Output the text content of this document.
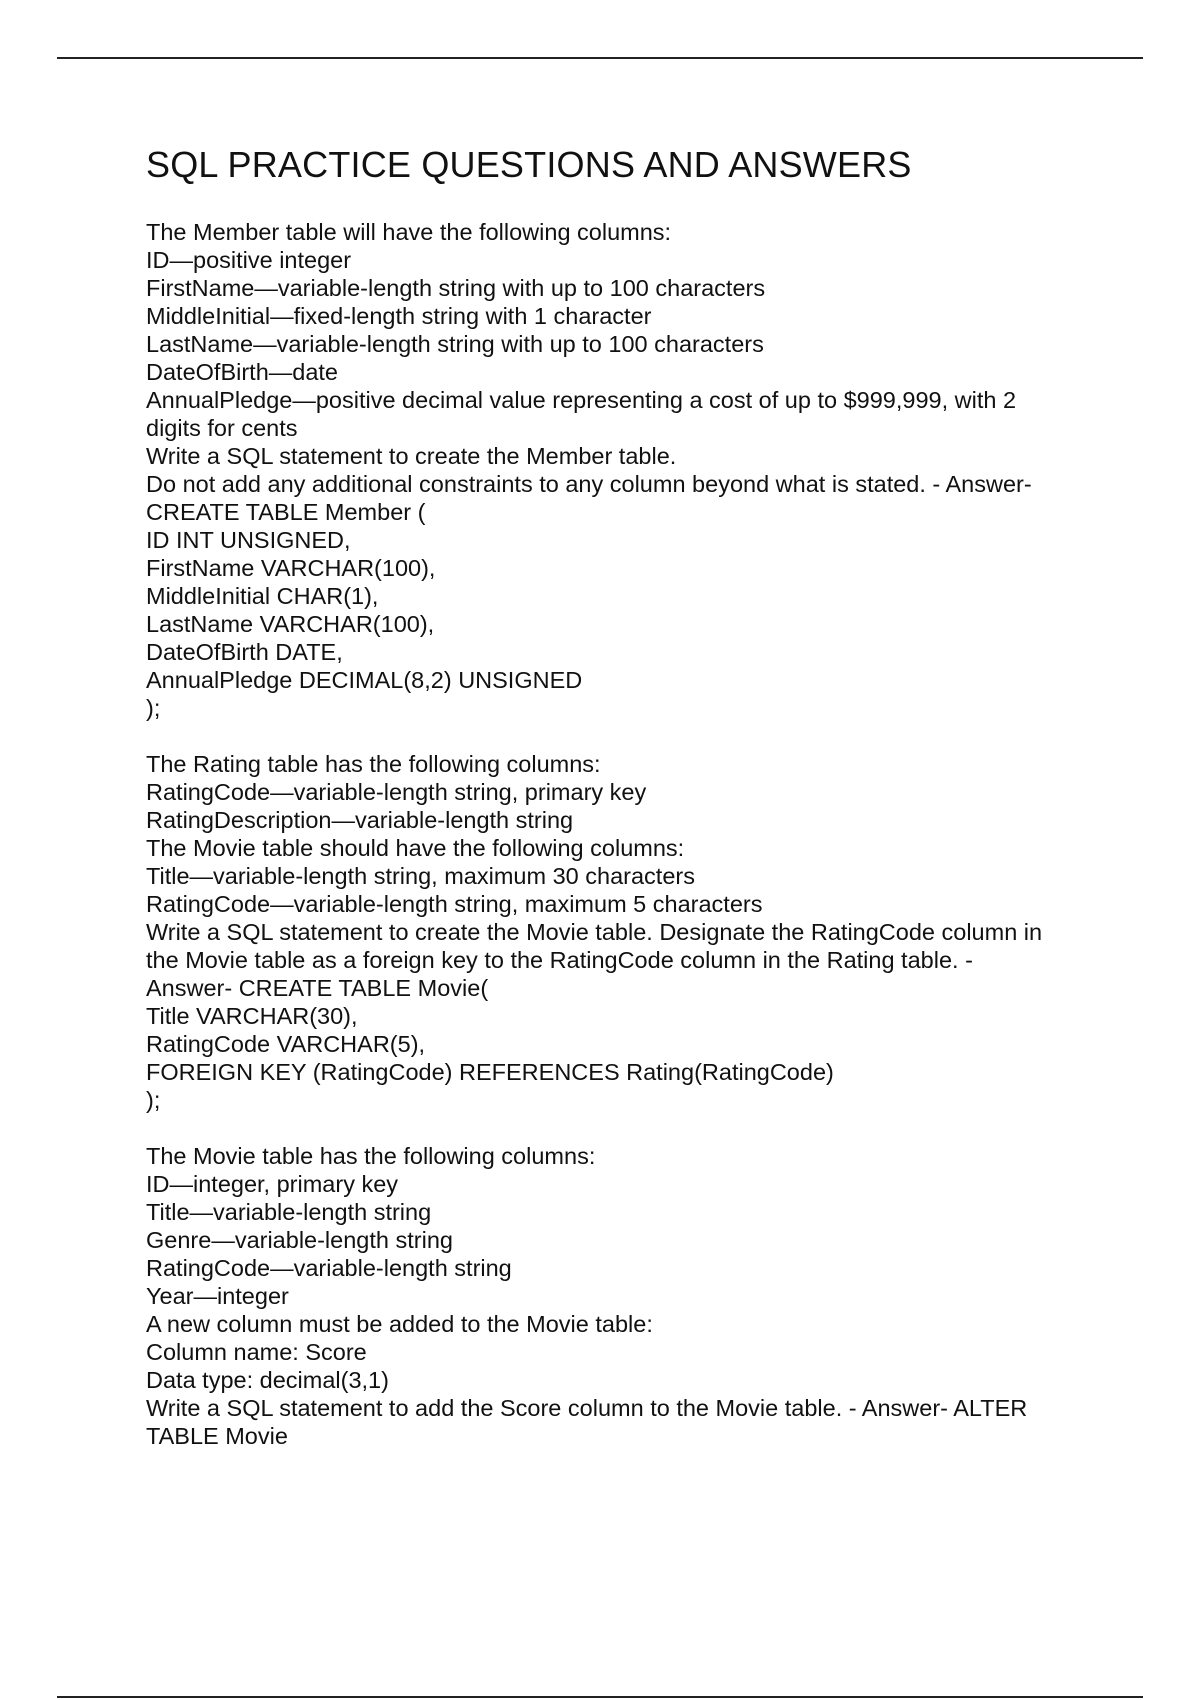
SQL PRACTICE QUESTIONS AND ANSWERS
The Member table will have the following columns:
ID—positive integer
FirstName—variable-length string with up to 100 characters
MiddleInitial—fixed-length string with 1 character
LastName—variable-length string with up to 100 characters
DateOfBirth—date
AnnualPledge—positive decimal value representing a cost of up to $999,999, with 2
digits for cents
Write a SQL statement to create the Member table.
Do not add any additional constraints to any column beyond what is stated. - Answer-
CREATE TABLE Member (
ID INT UNSIGNED,
FirstName VARCHAR(100),
MiddleInitial CHAR(1),
LastName VARCHAR(100),
DateOfBirth DATE,
AnnualPledge DECIMAL(8,2) UNSIGNED
);
The Rating table has the following columns:
RatingCode—variable-length string, primary key
RatingDescription—variable-length string
The Movie table should have the following columns:
Title—variable-length string, maximum 30 characters
RatingCode—variable-length string, maximum 5 characters
Write a SQL statement to create the Movie table. Designate the RatingCode column in
the Movie table as a foreign key to the RatingCode column in the Rating table. -
Answer- CREATE TABLE Movie(
Title VARCHAR(30),
RatingCode VARCHAR(5),
FOREIGN KEY (RatingCode) REFERENCES Rating(RatingCode)
);
The Movie table has the following columns:
ID—integer, primary key
Title—variable-length string
Genre—variable-length string
RatingCode—variable-length string
Year—integer
A new column must be added to the Movie table:
Column name: Score
Data type: decimal(3,1)
Write a SQL statement to add the Score column to the Movie table. - Answer- ALTER
TABLE Movie
